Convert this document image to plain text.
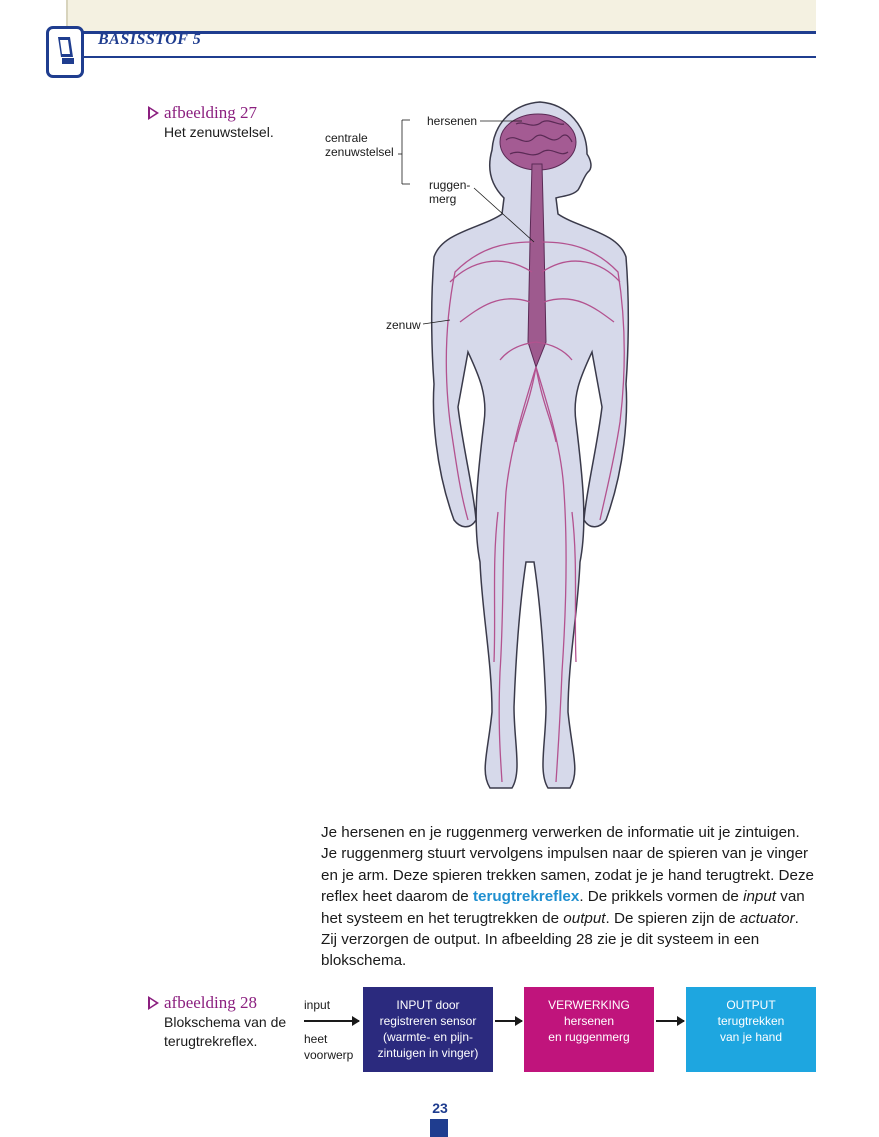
BASISSTOF 5
afbeelding 27
Het zenuwstelsel.	centrale
zenuwstelsel
hersenen
ruggen-
merg
zenuw

Je hersenen en je ruggenmerg verwerken de informatie uit je zintuigen. Je ruggenmerg stuurt vervolgens impulsen naar de spieren van je vinger en je arm. Deze spieren trekken samen, zodat je je hand terugtrekt. Deze reflex heet daarom de terugtrekreflex. De prikkels vormen de input van het systeem en het terugtrekken de output. De spieren zijn de actuator. Zij verzorgen de output. In afbeelding 28 zie je dit systeem in een blokschema.

afbeelding 28
Blokschema van de terugtrekreflex.
input
heet
voorwerp
INPUT door
registreren sensor
(warmte- en pijn-
zintuigen in vinger)
VERWERKING
hersenen
en ruggenmerg
OUTPUT
terugtrekken
van je hand
23
